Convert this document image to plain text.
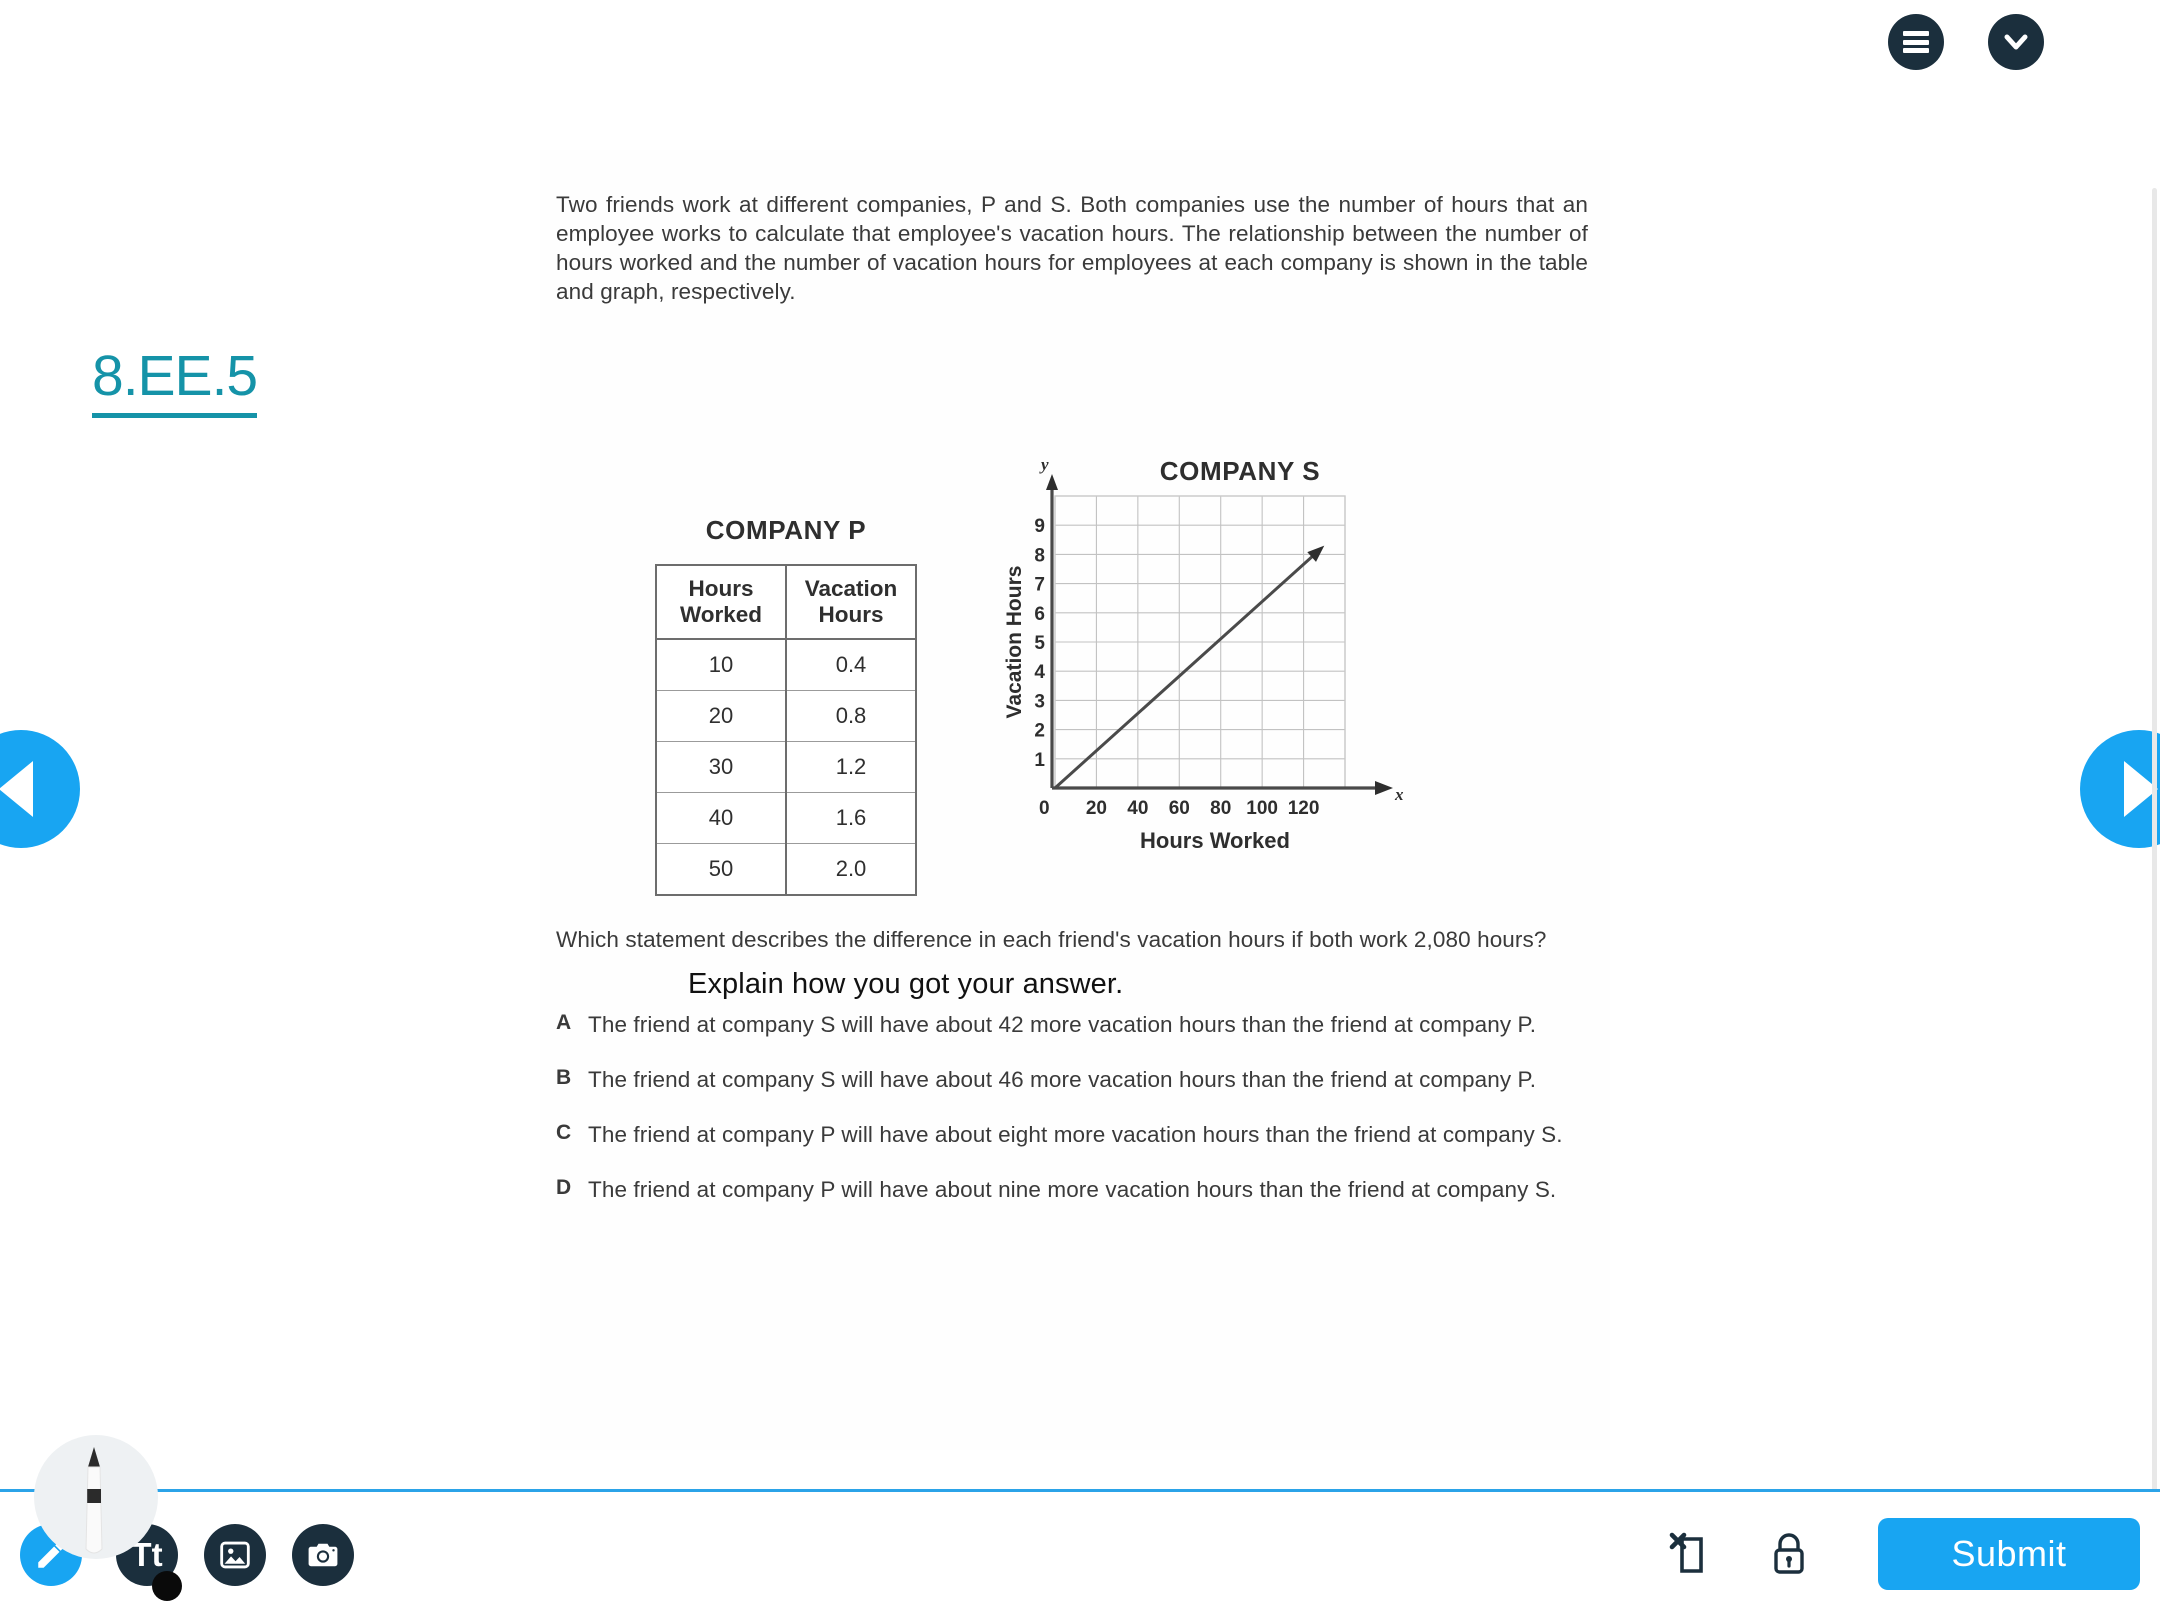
8.EE.5
Two friends work at different companies, P and S. Both companies use the number of hours that an employee works to calculate that employee's vacation hours. The relationship between the number of hours worked and the number of vacation hours for employees at each company is shown in the table and graph, respectively.
COMPANY P
Hours Worked	Vacation Hours
10	0.4
20	0.8
30	1.2
40	1.6
50	2.0
COMPANY S
y
x
1
2
3
4
5
6
7
8
9
20 40 60 80 100 120
0
Vacation Hours
Hours Worked
Which statement describes the difference in each friend's vacation hours if both work 2,080 hours?
Explain how you got your answer.
A The friend at company S will have about 42 more vacation hours than the friend at company P.
B The friend at company S will have about 46 more vacation hours than the friend at company P.
C The friend at company P will have about eight more vacation hours than the friend at company S.
D The friend at company P will have about nine more vacation hours than the friend at company S.
Tt	Submit
